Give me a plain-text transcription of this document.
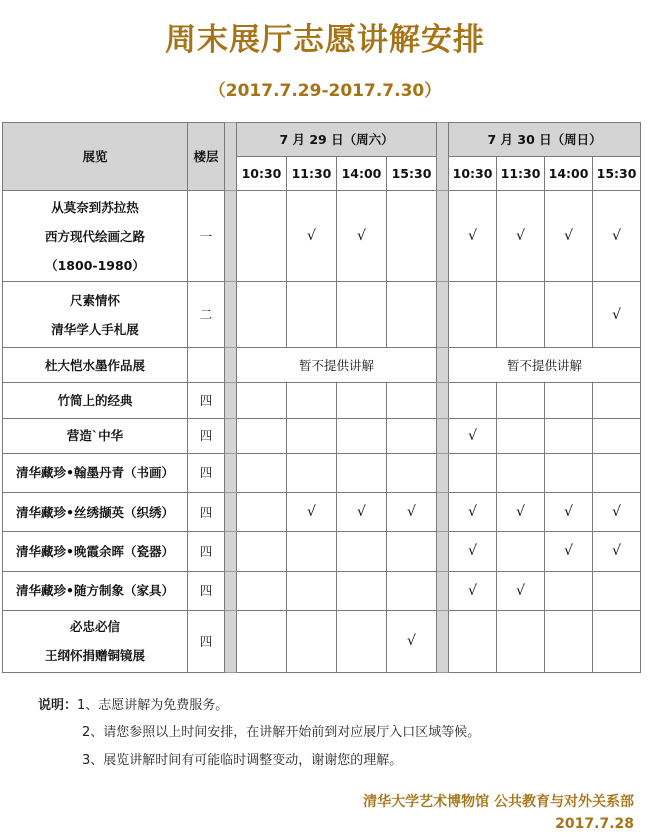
周末展厅志愿讲解安排
（2017.7.29-2017.7.30）
展览	楼层		7 月 29 日（周六）					7 月 30 日（周日）			
			10:30	11:30	14:00	15:30		10:30	11:30	14:00	15:30

从莫奈到苏拉热
西方现代绘画之路
（1800-1980）	一			√	√			√	√	√	√

尺素情怀
清华学人手札展	二										√

杜大恺水墨作品展			暂不提供讲解					暂不提供讲解			

竹简上的经典	四										

营造`中华	四							√			

清华藏珍•翰墨丹青（书画）	四										

清华藏珍•丝绣撷英（织绣）	四			√	√	√		√	√	√	√

清华藏珍•晚霞余晖（瓷器）	四							√		√	√

清华藏珍•随方制象（家具）	四							√	√		

必忠必信
王纲怀捐赠铜镜展	四					√					
说明：1、志愿讲解为免费服务。
2、请您参照以上时间安排，在讲解开始前到对应展厅入口区域等候。
3、展览讲解时间有可能临时调整变动，谢谢您的理解。
清华大学艺术博物馆 公共教育与对外关系部
2017.7.28
